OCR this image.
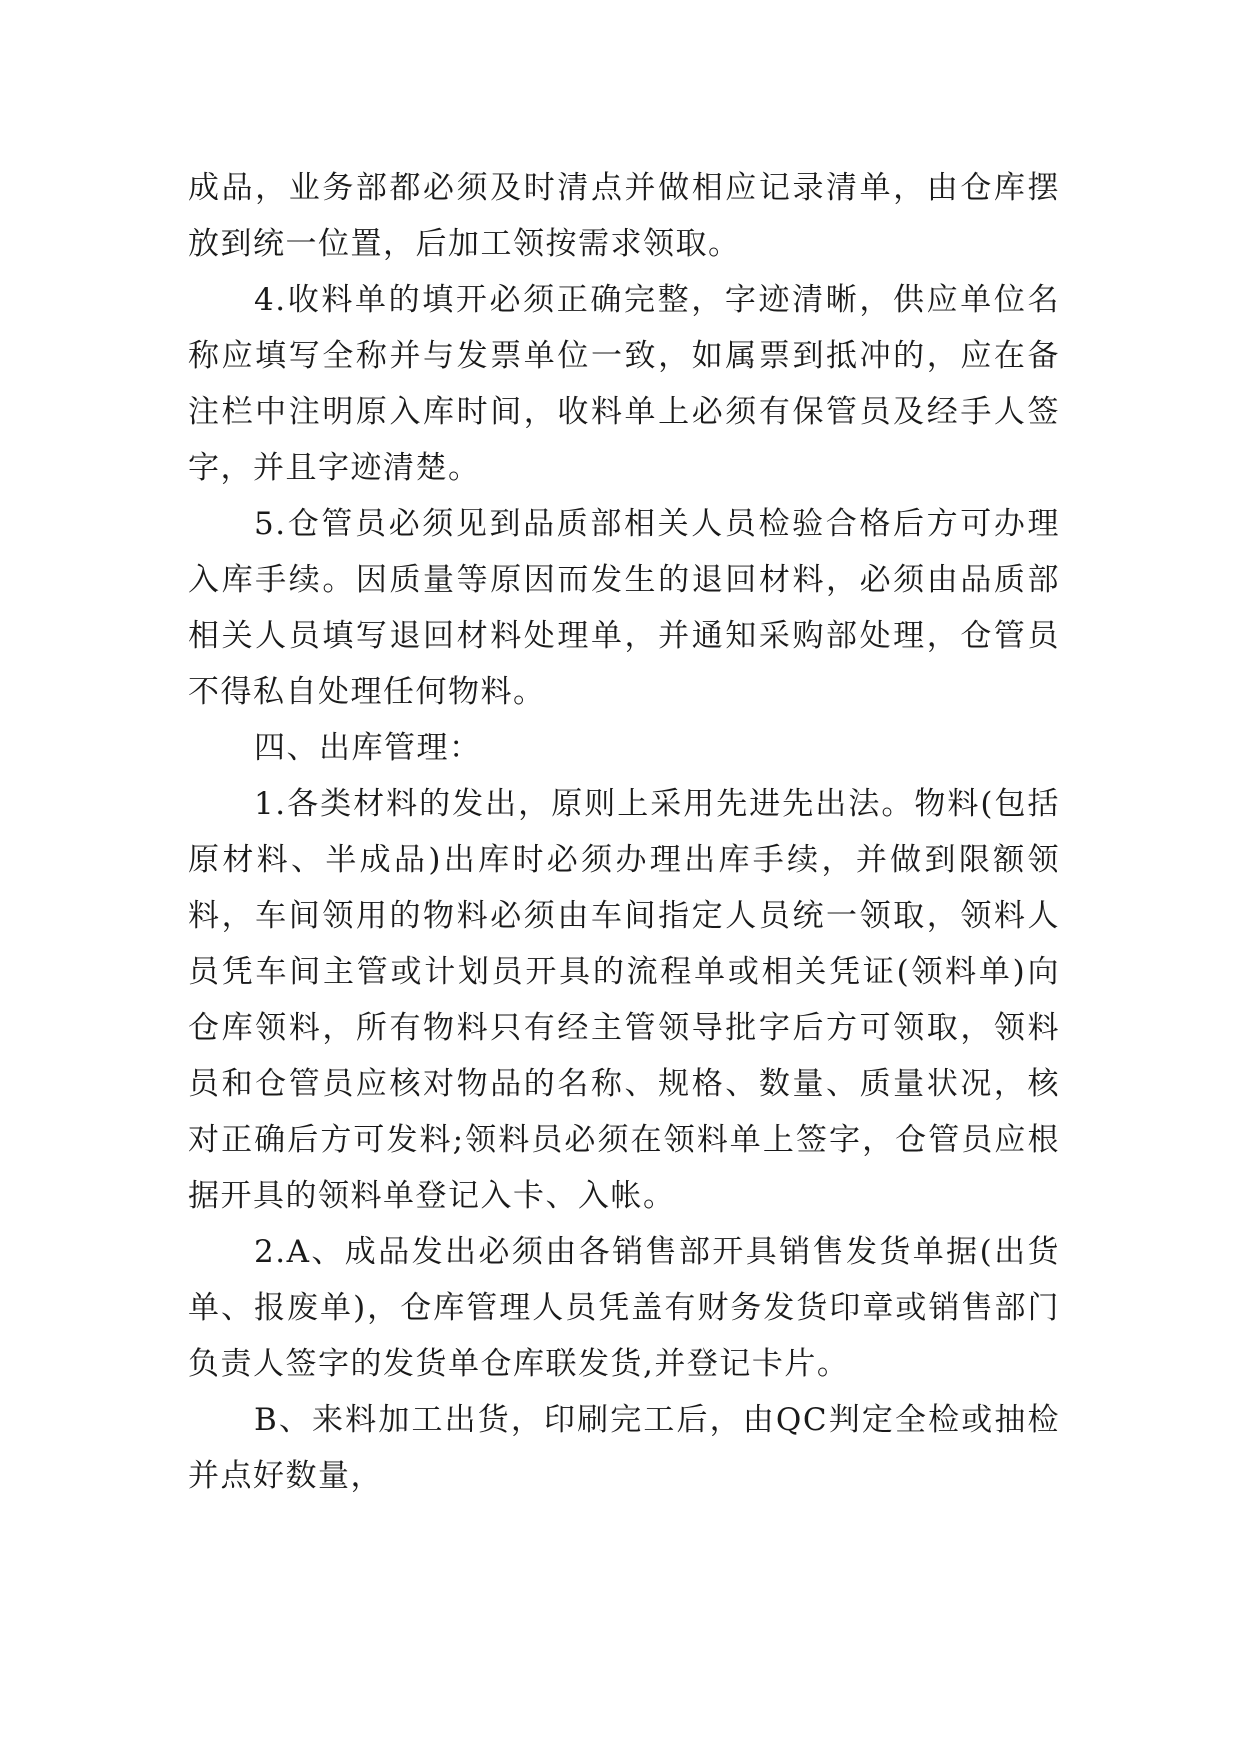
成品，业务部都必须及时清点并做相应记录清单，由仓库摆放到统一位置，后加工领按需求领取。

4.收料单的填开必须正确完整，字迹清晰，供应单位名称应填写全称并与发票单位一致，如属票到抵冲的，应在备注栏中注明原入库时间，收料单上必须有保管员及经手人签字，并且字迹清楚。

5.仓管员必须见到品质部相关人员检验合格后方可办理入库手续。因质量等原因而发生的退回材料，必须由品质部相关人员填写退回材料处理单，并通知采购部处理，仓管员不得私自处理任何物料。

四、出库管理：

1.各类材料的发出，原则上采用先进先出法。物料(包括原材料、半成品)出库时必须办理出库手续，并做到限额领料，车间领用的物料必须由车间指定人员统一领取，领料人员凭车间主管或计划员开具的流程单或相关凭证(领料单)向仓库领料，所有物料只有经主管领导批字后方可领取，领料员和仓管员应核对物品的名称、规格、数量、质量状况，核对正确后方可发料;领料员必须在领料单上签字，仓管员应根据开具的领料单登记入卡、入帐。

2.A、成品发出必须由各销售部开具销售发货单据(出货单、报废单)，仓库管理人员凭盖有财务发货印章或销售部门负责人签字的发货单仓库联发货,并登记卡片。

B、来料加工出货，印刷完工后，由QC判定全检或抽检并点好数量，
